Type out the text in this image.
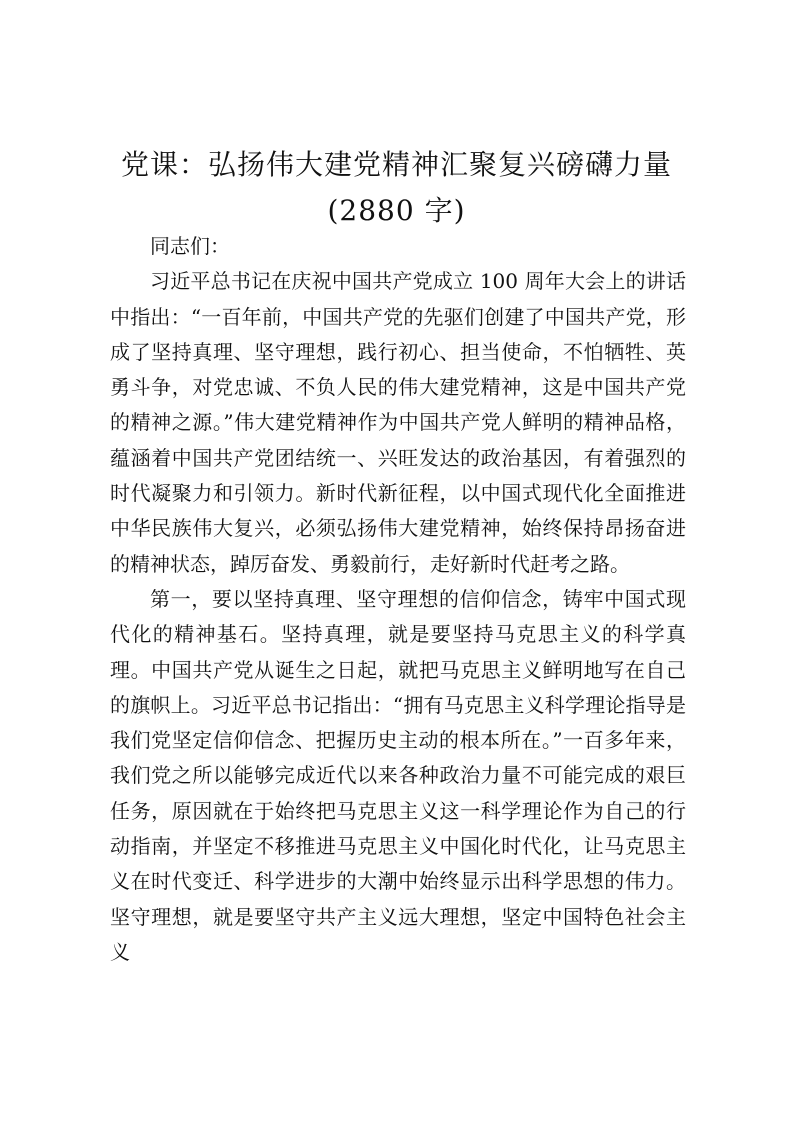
党课：弘扬伟大建党精神汇聚复兴磅礴力量
(2880 字)

同志们：

习近平总书记在庆祝中国共产党成立 100 周年大会上的讲话中指出：“一百年前，中国共产党的先驱们创建了中国共产党，形成了坚持真理、坚守理想，践行初心、担当使命，不怕牺牲、英勇斗争，对党忠诚、不负人民的伟大建党精神，这是中国共产党的精神之源。”伟大建党精神作为中国共产党人鲜明的精神品格，蕴涵着中国共产党团结统一、兴旺发达的政治基因，有着强烈的时代凝聚力和引领力。新时代新征程，以中国式现代化全面推进中华民族伟大复兴，必须弘扬伟大建党精神，始终保持昂扬奋进的精神状态，踔厉奋发、勇毅前行，走好新时代赶考之路。

第一，要以坚持真理、坚守理想的信仰信念，铸牢中国式现代化的精神基石。坚持真理，就是要坚持马克思主义的科学真理。中国共产党从诞生之日起，就把马克思主义鲜明地写在自己的旗帜上。习近平总书记指出：“拥有马克思主义科学理论指导是我们党坚定信仰信念、把握历史主动的根本所在。”一百多年来，我们党之所以能够完成近代以来各种政治力量不可能完成的艰巨任务，原因就在于始终把马克思主义这一科学理论作为自己的行动指南，并坚定不移推进马克思主义中国化时代化，让马克思主义在时代变迁、科学进步的大潮中始终显示出科学思想的伟力。坚守理想，就是要坚守共产主义远大理想，坚定中国特色社会主义
